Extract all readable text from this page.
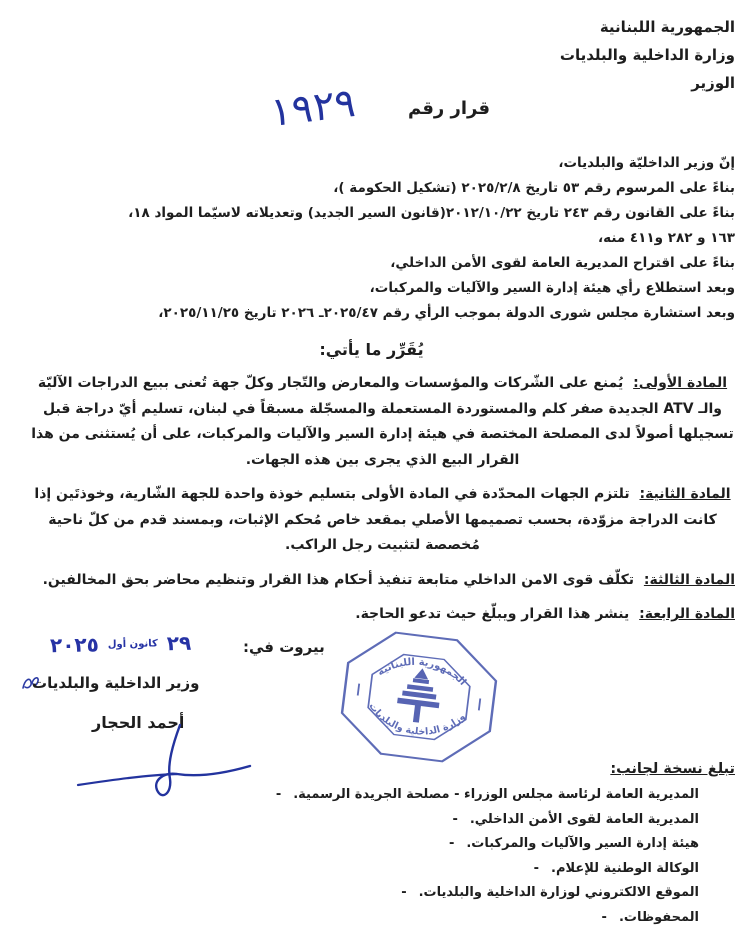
الجمهورية اللبنانية
وزارة الداخلية والبلديات
الوزير
قرار رقم
١٩٢٩
إنّ وزير الداخليّة والبلديات،
بناءً على المرسوم رقم ٥٣ تاريخ ٢٠٢٥/٢/٨ (تشكيل الحكومة )،
بناءً على القانون رقم ٢٤٣ تاريخ ٢٠١٢/١٠/٢٢(قانون السير الجديد) وتعديلاته لاسيّما المواد ١٨،
١٦٣ و ٢٨٢ و٤١١ منه،
بناءً على اقتراح المديرية العامة لقوى الأمن الداخلي،
وبعد استطلاع رأي هيئة إدارة السير والآليات والمركبات،
وبعد استشارة مجلس شورى الدولة بموجب الرأي رقم ٢٠٢٥/٤٧ـ ٢٠٢٦ تاريخ ٢٠٢٥/١١/٢٥،
يُقَرِّر ما يأتي:

المادة الأولى: يُمنع على الشّركات والمؤسسات والمعارض والتّجار وكلّ جهة تُعنى ببيع الدراجات الآليّة والـ ATV الجديدة صفر كلم والمستوردة المستعملة والمسجّلة مسبقاً في لبنان، تسليم أيّ دراجة قبل تسجيلها أصولاً لدى المصلحة المختصة في هيئة إدارة السير والآليات والمركبات، على أن يُستثنى من هذا القرار البيع الذي يجرى بين هذه الجهات.

المادة الثانية: تلتزم الجهات المحدّدة في المادة الأولى بتسليم خوذة واحدة للجهة الشّارية، وخوذتَين إذا كانت الدراجة مزوّدة، بحسب تصميمها الأصلي بمقعد خاص مُحكم الإثبات، وبمسند قدم من كلّ ناحية مُخصصة لتثبيت رجل الراكب.

المادة الثالثة: تكلّف قوى الامن الداخلي متابعة تنفيذ أحكام هذا القرار وتنظيم محاضر بحق المخالفين.

المادة الرابعة: ينشر هذا القرار ويبلّغ حيث تدعو الحاجة.

بيروت في:
٢٩
كانون أول
٢٠٢٥
الجمهورية اللبنانية
وزارة الداخلية والبلديات
وزير الداخلية والبلديات
أحمد الحجار
تبلغ نسخة لجانب:
- المديرية العامة لرئاسة مجلس الوزراء - مصلحة الجريدة الرسمية.
- المديرية العامة لقوى الأمن الداخلي.
- هيئة إدارة السير والآليات والمركبات.
- الوكالة الوطنية للإعلام.
- الموقع الالكتروني لوزارة الداخلية والبلديات.
- المحفوظات.
